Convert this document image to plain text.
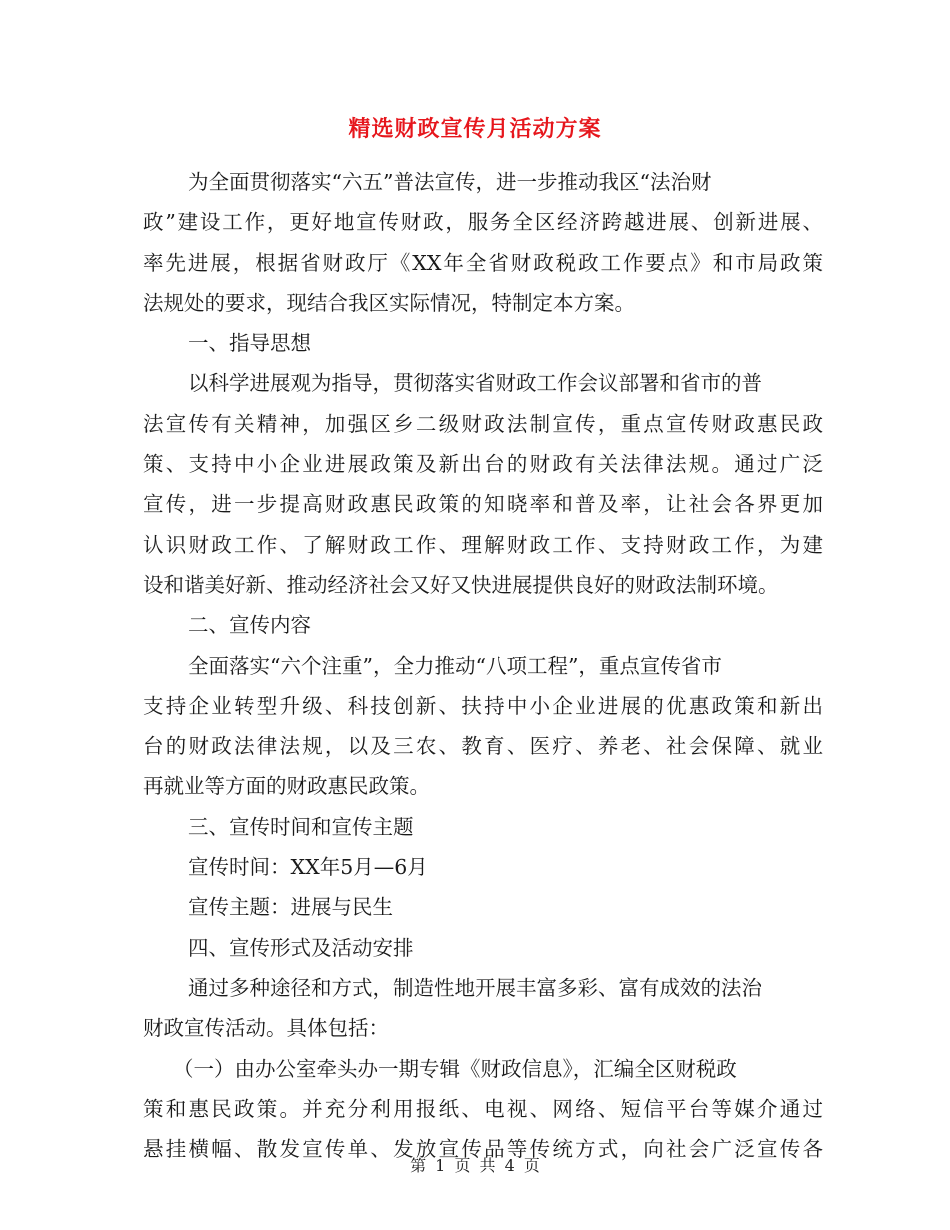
精选财政宣传月活动方案
为全面贯彻落实“六五”普法宣传，进一步推动我区“法治财
政”建设工作，更好地宣传财政，服务全区经济跨越进展、创新进展、
率先进展，根据省财政厅《XX年全省财政税政工作要点》和市局政策
法规处的要求，现结合我区实际情况，特制定本方案。
一、指导思想
以科学进展观为指导，贯彻落实省财政工作会议部署和省市的普
法宣传有关精神，加强区乡二级财政法制宣传，重点宣传财政惠民政
策、支持中小企业进展政策及新出台的财政有关法律法规。通过广泛
宣传，进一步提高财政惠民政策的知晓率和普及率，让社会各界更加
认识财政工作、了解财政工作、理解财政工作、支持财政工作，为建
设和谐美好新、推动经济社会又好又快进展提供良好的财政法制环境。
二、宣传内容
全面落实“六个注重”，全力推动“八项工程”，重点宣传省市
支持企业转型升级、科技创新、扶持中小企业进展的优惠政策和新出
台的财政法律法规，以及三农、教育、医疗、养老、社会保障、就业
再就业等方面的财政惠民政策。
三、宣传时间和宣传主题
宣传时间：XX年5月—6月
宣传主题：进展与民生
四、宣传形式及活动安排
通过多种途径和方式，制造性地开展丰富多彩、富有成效的法治
财政宣传活动。具体包括：
（一）由办公室牵头办一期专辑《财政信息》，汇编全区财税政
策和惠民政策。并充分利用报纸、电视、网络、短信平台等媒介通过
悬挂横幅、散发宣传单、发放宣传品等传统方式，向社会广泛宣传各
第 1 页 共 4 页
